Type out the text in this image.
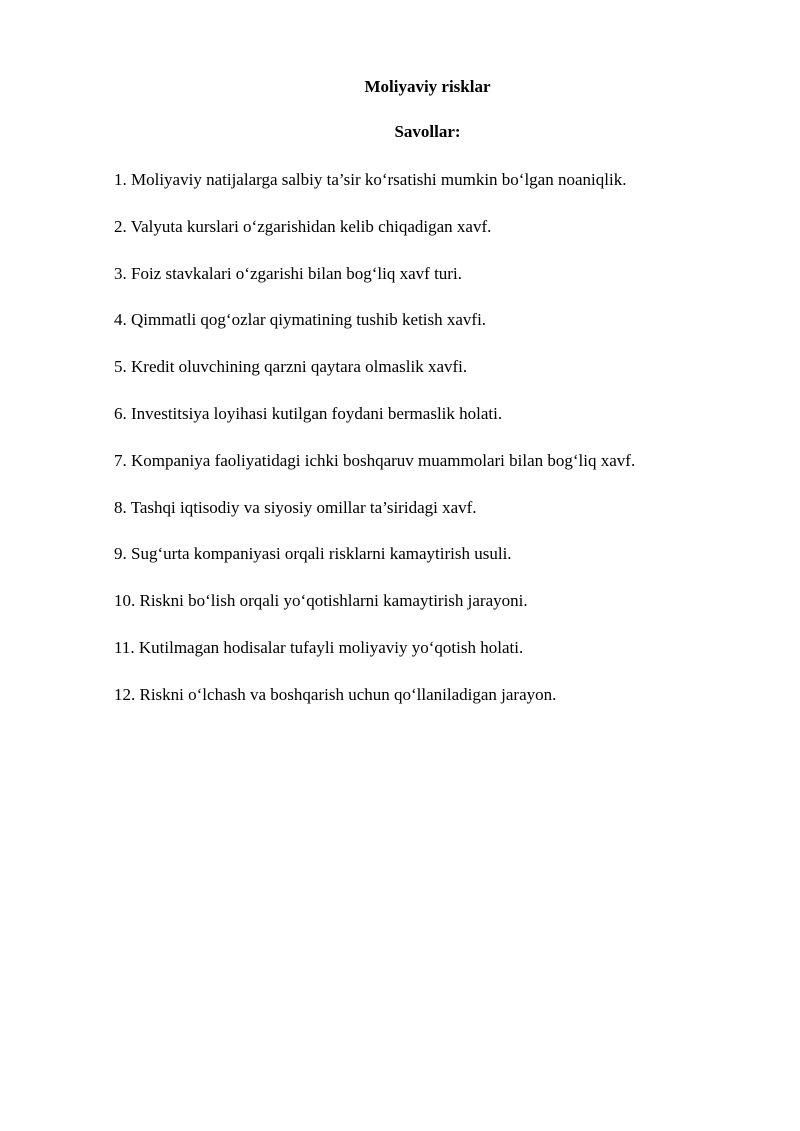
Moliyaviy risklar
Savollar:
1. Moliyaviy natijalarga salbiy ta’sir ko‘rsatishi mumkin bo‘lgan noaniqlik.
2. Valyuta kurslari o‘zgarishidan kelib chiqadigan xavf.
3. Foiz stavkalari o‘zgarishi bilan bog‘liq xavf turi.
4. Qimmatli qog‘ozlar qiymatining tushib ketish xavfi.
5. Kredit oluvchining qarzni qaytara olmaslik xavfi.
6. Investitsiya loyihasi kutilgan foydani bermaslik holati.
7. Kompaniya faoliyatidagi ichki boshqaruv muammolari bilan bog‘liq xavf.
8. Tashqi iqtisodiy va siyosiy omillar ta’siridagi xavf.
9. Sug‘urta kompaniyasi orqali risklarni kamaytirish usuli.
10. Riskni bo‘lish orqali yo‘qotishlarni kamaytirish jarayoni.
11. Kutilmagan hodisalar tufayli moliyaviy yo‘qotish holati.
12. Riskni o‘lchash va boshqarish uchun qo‘llaniladigan jarayon.
